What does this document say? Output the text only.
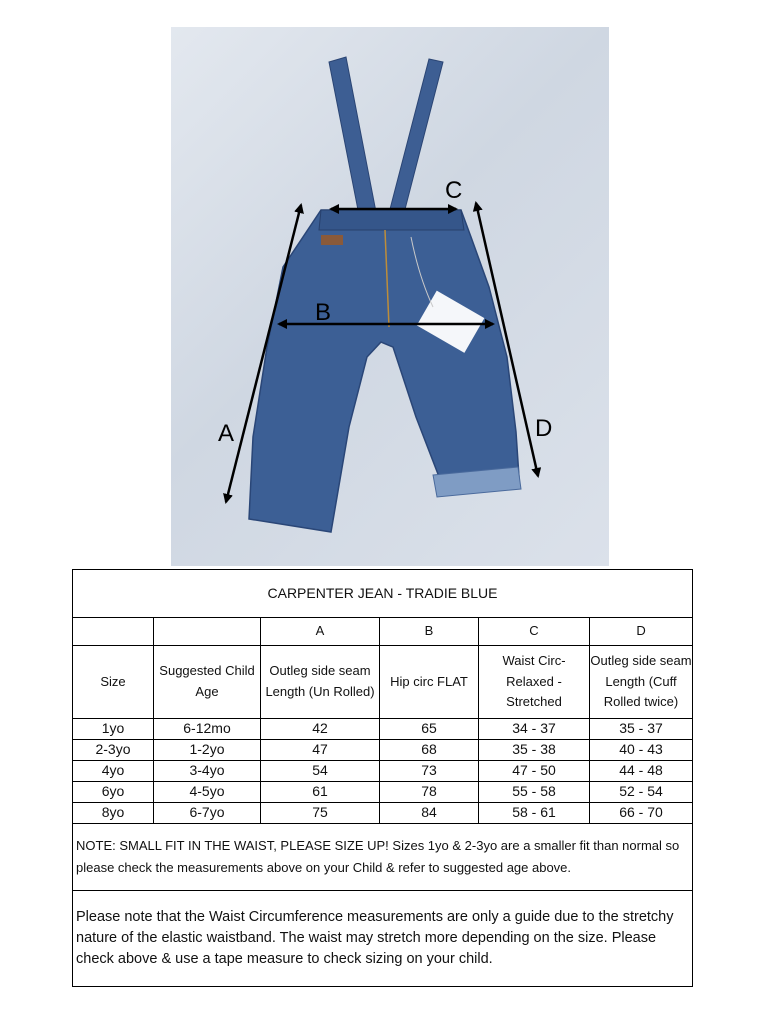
A
B
C
D
CARPENTER JEAN - TRADIE BLUE					
		A	B	C	D
Size	Suggested Child Age	Outleg side seam Length (Un Rolled)	Hip circ FLAT	Waist Circ- Relaxed - Stretched	Outleg side seam Length (Cuff Rolled twice)

1yo	6-12mo	42	65	34 - 37	35 - 37
2-3yo	1-2yo	47	68	35 - 38	40 - 43
4yo	3-4yo	54	73	47 - 50	44 - 48
6yo	4-5yo	61	78	55 - 58	52 - 54
8yo	6-7yo	75	84	58 - 61	66 - 70
NOTE: SMALL FIT IN THE WAIST, PLEASE SIZE UP! Sizes 1yo & 2-3yo are a smaller fit than normal so please check the measurements above on your Child & refer to suggested age above.					
Please note that the Waist Circumference measurements are only a guide due to the stretchy nature of the elastic waistband. The waist may stretch more depending on the size. Please check above & use a tape measure to check sizing on your child.					
